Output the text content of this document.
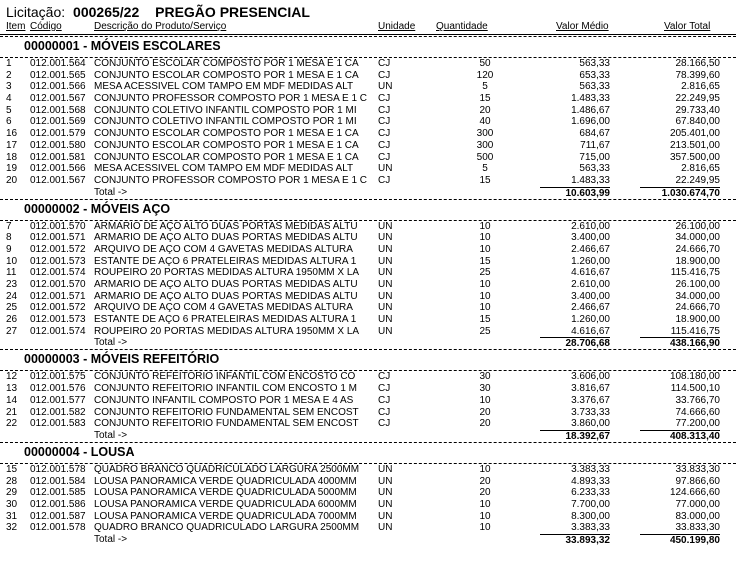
Licitação: 000265/22 PREGÃO PRESENCIAL
Item Código	Descrição do Produto/Serviço	Unidade Quantidade	Valor Médio	Valor Total
00000001 - MÓVEIS ESCOLARES
1	012.001.564 CONJUNTO ESCOLAR COMPOSTO POR 1 MESA E 1 CA	CJ	50	563,33	28.166,50
2	012.001.565 CONJUNTO ESCOLAR COMPOSTO POR 1 MESA E 1 CA	CJ	120	653,33	78.399,60
3	012.001.566 MESA ACESSIVEL COM TAMPO EM MDF MEDIDAS ALT	UN	5	563,33	2.816,65
4	012.001.567 CONJUNTO PROFESSOR COMPOSTO POR 1 MESA E 1 C	CJ	15	1.483,33	22.249,95
5	012.001.568 CONJUNTO COLETIVO INFANTIL COMPOSTO POR 1 MI	CJ	20	1.486,67	29.733,40
6	012.001.569 CONJUNTO COLETIVO INFANTIL COMPOSTO POR 1 MI	CJ	40	1.696,00	67.840,00
16	012.001.579 CONJUNTO ESCOLAR COMPOSTO POR 1 MESA E 1 CA	CJ	300	684,67	205.401,00
17	012.001.580 CONJUNTO ESCOLAR COMPOSTO POR 1 MESA E 1 CA	CJ	300	711,67	213.501,00
18	012.001.581 CONJUNTO ESCOLAR COMPOSTO POR 1 MESA E 1 CA	CJ	500	715,00	357.500,00
19	012.001.566 MESA ACESSIVEL COM TAMPO EM MDF MEDIDAS ALT	UN	5	563,33	2.816,65
20	012.001.567 CONJUNTO PROFESSOR COMPOSTO POR 1 MESA E 1 C	CJ	15	1.483,33	22.249,95
Total ->	10.603,99	1.030.674,70
00000002 - MÓVEIS AÇO
7	012.001.570 ARMARIO DE AÇO ALTO DUAS PORTAS MEDIDAS ALTU	UN	10	2.610,00	26.100,00
8	012.001.571 ARMARIO DE AÇO ALTO DUAS PORTAS MEDIDAS ALTU	UN	10	3.400,00	34.000,00
9	012.001.572 ARQUIVO DE AÇO COM 4 GAVETAS MEDIDAS ALTURA	UN	10	2.466,67	24.666,70
10	012.001.573 ESTANTE DE AÇO 6 PRATELEIRAS MEDIDAS ALTURA 1	UN	15	1.260,00	18.900,00
11	012.001.574 ROUPEIRO 20 PORTAS MEDIDAS ALTURA 1950MM X LA	UN	25	4.616,67	115.416,75
23	012.001.570 ARMARIO DE AÇO ALTO DUAS PORTAS MEDIDAS ALTU	UN	10	2.610,00	26.100,00
24	012.001.571 ARMARIO DE AÇO ALTO DUAS PORTAS MEDIDAS ALTU	UN	10	3.400,00	34.000,00
25	012.001.572 ARQUIVO DE AÇO COM 4 GAVETAS MEDIDAS ALTURA	UN	10	2.466,67	24.666,70
26	012.001.573 ESTANTE DE AÇO 6 PRATELEIRAS MEDIDAS ALTURA 1	UN	15	1.260,00	18.900,00
27	012.001.574 ROUPEIRO 20 PORTAS MEDIDAS ALTURA 1950MM X LA	UN	25	4.616,67	115.416,75
Total ->	28.706,68	438.166,90
00000003 - MÓVEIS REFEITÓRIO
12	012.001.575 CONJUNTO REFEITORIO INFANTIL COM ENCOSTO CO	CJ	30	3.606,00	108.180,00
13	012.001.576 CONJUNTO REFEITORIO INFANTIL COM ENCOSTO 1 M	CJ	30	3.816,67	114.500,10
14	012.001.577 CONJUNTO INFANTIL COMPOSTO POR 1 MESA E 4 AS	CJ	10	3.376,67	33.766,70
21	012.001.582 CONJUNTO REFEITORIO FUNDAMENTAL SEM ENCOST	CJ	20	3.733,33	74.666,60
22	012.001.583 CONJUNTO REFEITORIO FUNDAMENTAL SEM ENCOST	CJ	20	3.860,00	77.200,00
Total ->	18.392,67	408.313,40
00000004 - LOUSA
15	012.001.578 QUADRO BRANCO QUADRICULADO LARGURA 2500MM	UN	10	3.383,33	33.833,30
28	012.001.584 LOUSA PANORAMICA VERDE QUADRICULADA 4000MM	UN	20	4.893,33	97.866,60
29	012.001.585 LOUSA PANORAMICA VERDE QUADRICULADA 5000MM	UN	20	6.233,33	124.666,60
30	012.001.586 LOUSA PANORAMICA VERDE QUADRICULADA 6000MM	UN	10	7.700,00	77.000,00
31	012.001.587 LOUSA PANORAMICA VERDE QUADRICULADA 7000MM	UN	10	8.300,00	83.000,00
32	012.001.578 QUADRO BRANCO QUADRICULADO LARGURA 2500MM	UN	10	3.383,33	33.833,30
Total ->	33.893,32	450.199,80
